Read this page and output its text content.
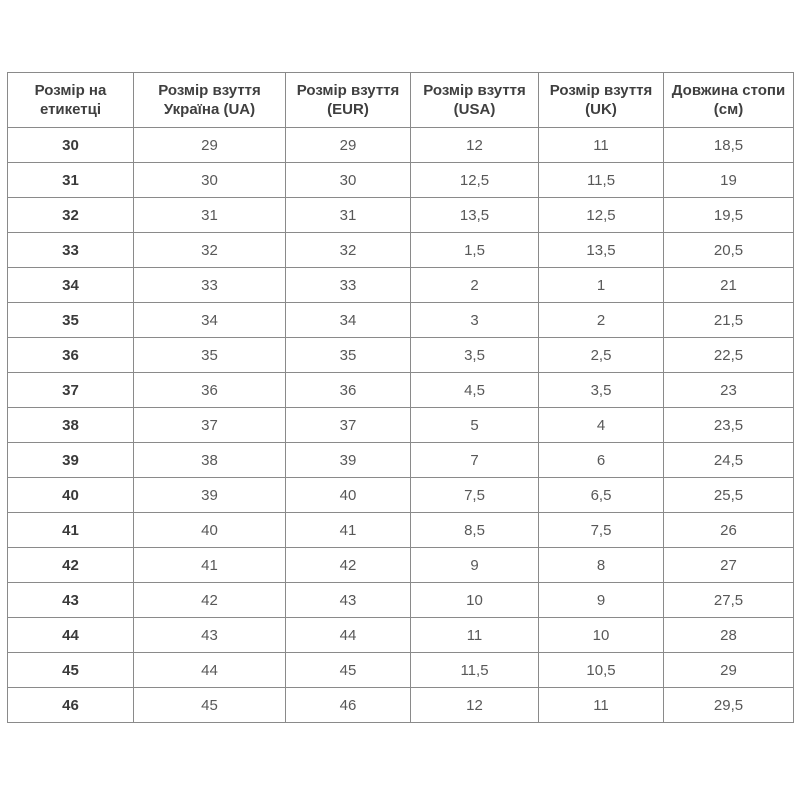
Розмір на етикетці	Розмір взуття Україна (UA)	Розмір взуття (EUR)	Розмір взуття (USA)	Розмір взуття (UK)	Довжина стопи (см)
30	29	29	12	11	18,5
31	30	30	12,5	11,5	19
32	31	31	13,5	12,5	19,5
33	32	32	1,5	13,5	20,5
34	33	33	2	1	21
35	34	34	3	2	21,5
36	35	35	3,5	2,5	22,5
37	36	36	4,5	3,5	23
38	37	37	5	4	23,5
39	38	39	7	6	24,5
40	39	40	7,5	6,5	25,5
41	40	41	8,5	7,5	26
42	41	42	9	8	27
43	42	43	10	9	27,5
44	43	44	11	10	28
45	44	45	11,5	10,5	29
46	45	46	12	11	29,5
